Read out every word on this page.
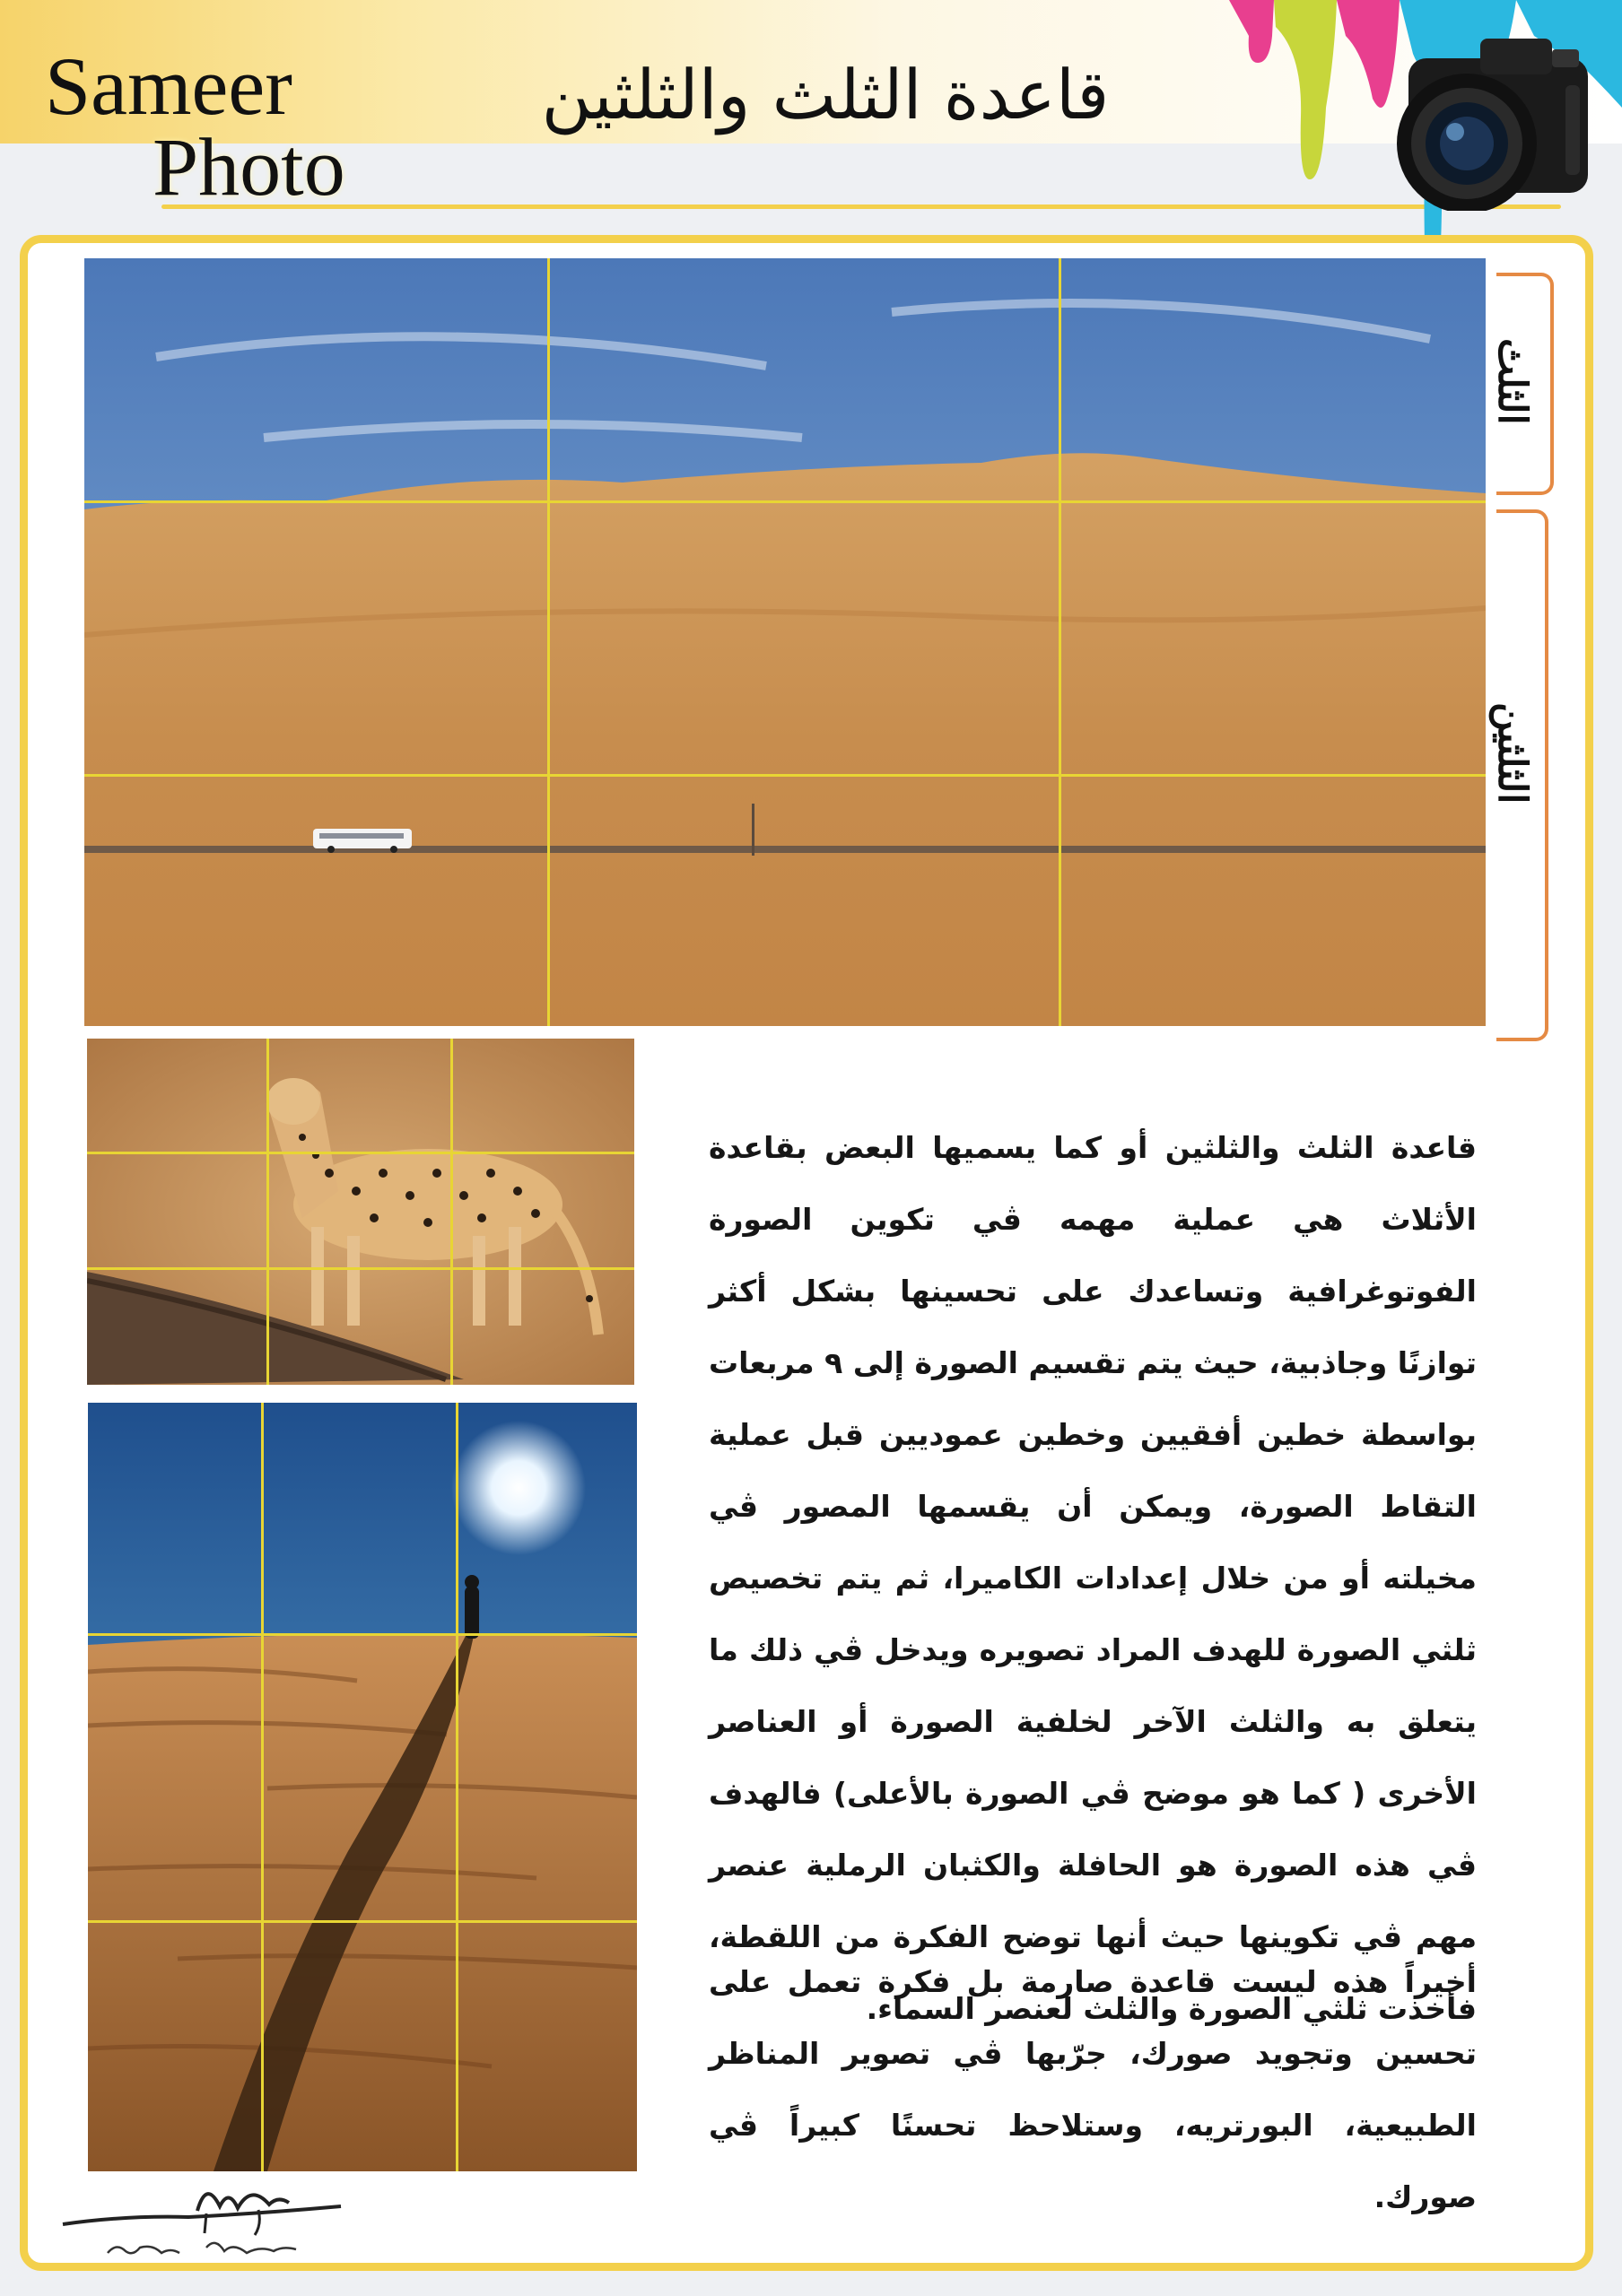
Sameer
Photo
قاعدة الثلث والثلثين
الثلث
الثلثين
قاعدة الثلث والثلثين أو كما يسميها البعض بقاعدة الأثلاث هي عملية مهمه ڤي تكوين الصورة الفوتوغرافية وتساعدك على تحسينها بشكل أكثر توازنًا وجاذبية، حيث يتم تقسيم الصورة إلى ٩ مربعات بواسطة خطين أفقيين وخطين عموديين قبل عملية التقاط الصورة، ويمكن أن يقسمها المصور ڤي مخيلته أو من خلال إعدادات الكاميرا، ثم يتم تخصيص ثلثي الصورة للهدف المراد تصويره ويدخل ڤي ذلك ما يتعلق به والثلث الآخر لخلفية الصورة أو العناصر الأخرى ( كما هو موضح ڤي الصورة بالأعلى) فالهدف ڤي هذه الصورة هو الحافلة والكثبان الرملية عنصر مهم ڤي تكوينها حيث أنها توضح الفكرة من اللقطة، فأخذت ثلثي الصورة والثلث لعنصر السماء.
أخيراً هذه ليست قاعدة صارمة بل فكرة تعمل على تحسين وتجويد صورك، جرّبها ڤي تصوير المناظر الطبيعية، البورتريه، وستلاحظ تحسنًا كبيراً ڤي صورك.
